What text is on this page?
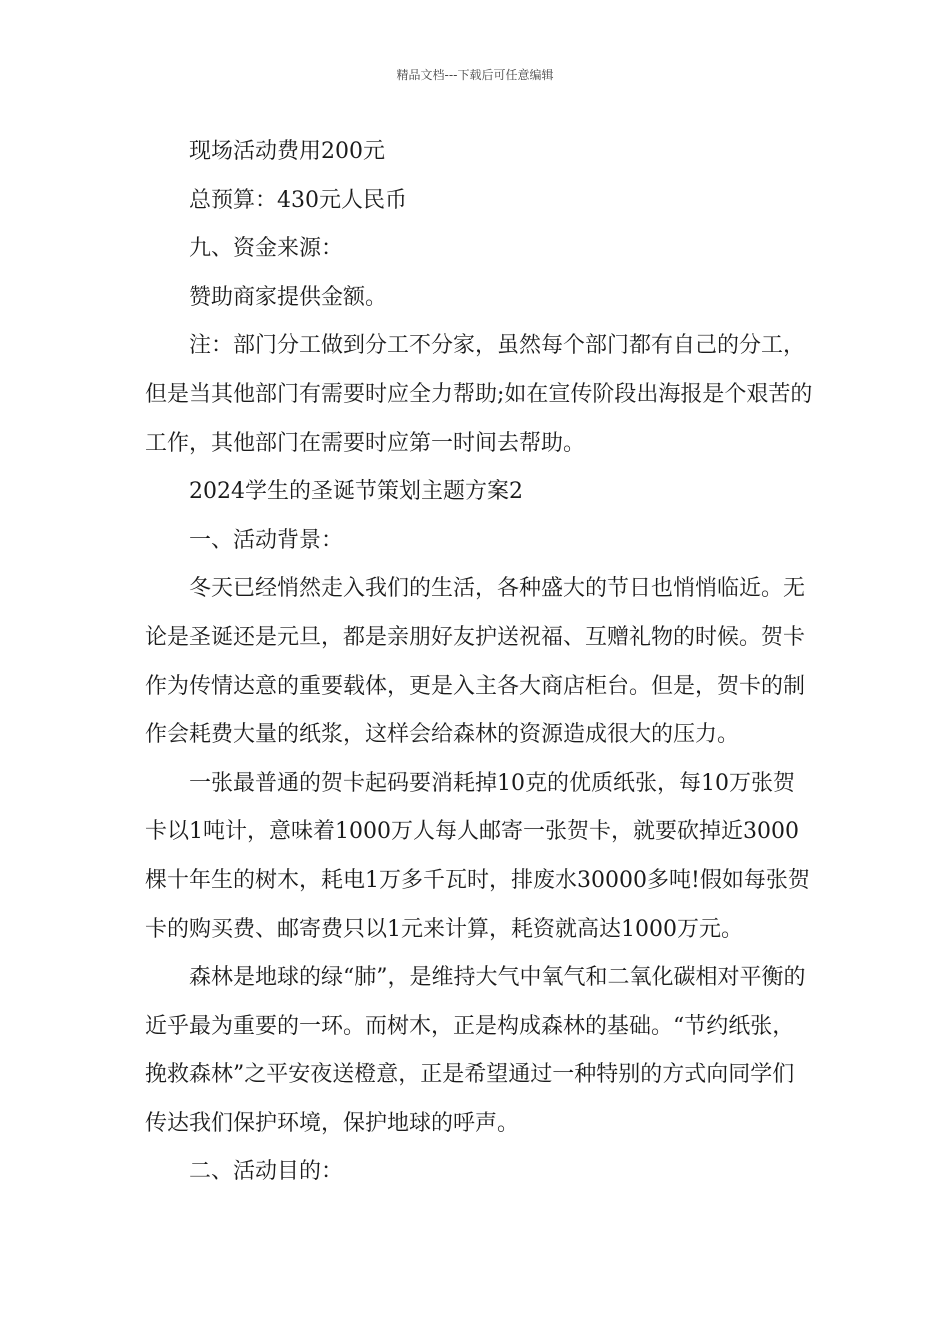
精品文档---下载后可任意编辑

现场活动费用200元

总预算：430元人民币

九、资金来源：

赞助商家提供金额。

注：部门分工做到分工不分家，虽然每个部门都有自己的分工，但是当其他部门有需要时应全力帮助;如在宣传阶段出海报是个艰苦的工作，其他部门在需要时应第一时间去帮助。

2024学生的圣诞节策划主题方案2

一、活动背景：

冬天已经悄然走入我们的生活，各种盛大的节日也悄悄临近。无论是圣诞还是元旦，都是亲朋好友护送祝福、互赠礼物的时候。贺卡作为传情达意的重要载体，更是入主各大商店柜台。但是，贺卡的制作会耗费大量的纸浆，这样会给森林的资源造成很大的压力。

一张最普通的贺卡起码要消耗掉10克的优质纸张，每10万张贺卡以1吨计，意味着1000万人每人邮寄一张贺卡，就要砍掉近3000棵十年生的树木，耗电1万多千瓦时，排废水30000多吨!假如每张贺卡的购买费、邮寄费只以1元来计算，耗资就高达1000万元。

森林是地球的绿“肺”，是维持大气中氧气和二氧化碳相对平衡的近乎最为重要的一环。而树木，正是构成森林的基础。“节约纸张，挽救森林”之平安夜送橙意，正是希望通过一种特别的方式向同学们传达我们保护环境，保护地球的呼声。

二、活动目的：
